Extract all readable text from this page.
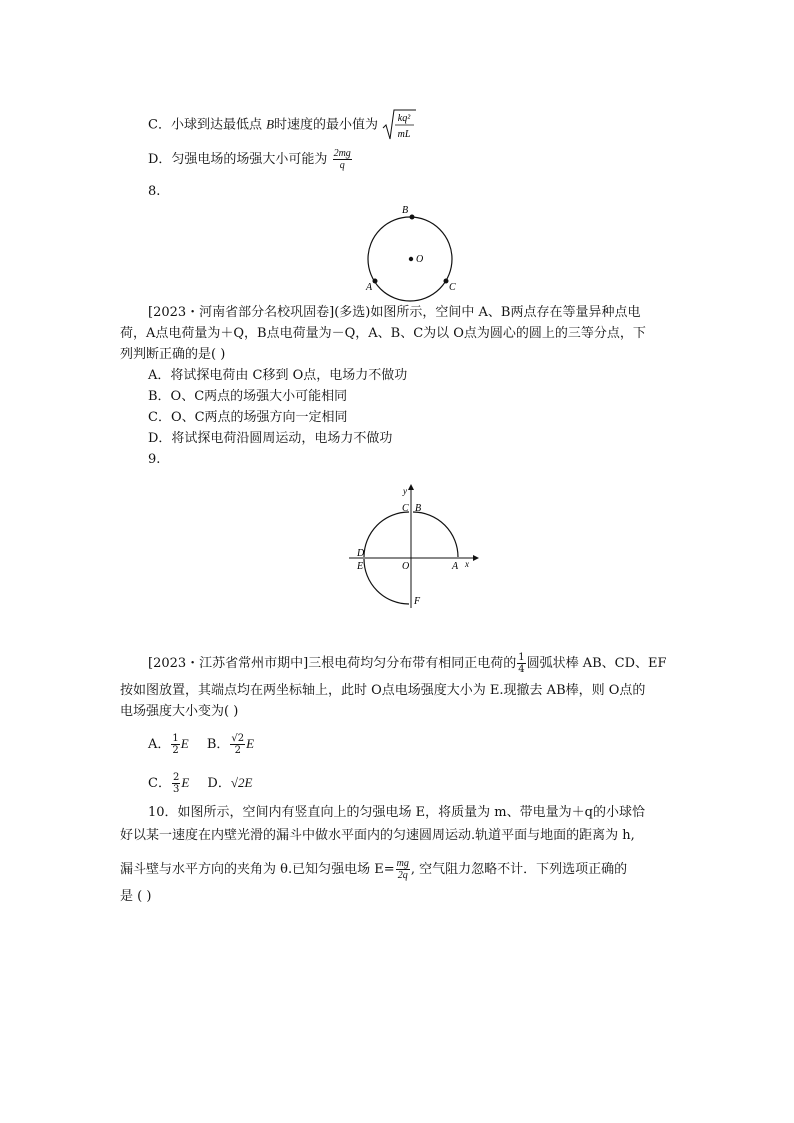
C．小球到达最低点 B时速度的最小值为 kq²
mL
D．匀强电场的场强大小可能为 $\frac{2mg}{q}$
8.
B
O
A	C
[2023・河南省部分名校巩固卷](多选)如图所示，空间中 A、B两点存在等量异种点电
荷，A点电荷量为＋Q，B点电荷量为－Q，A、B、C为以 O点为圆心的圆上的三等分点，下
列判断正确的是( )
A．将试探电荷由 C移到 O点，电场力不做功
B．O、C两点的场强大小可能相同
C．O、C两点的场强方向一定相同
D．将试探电荷沿圆周运动，电场力不做功
9.
y
x
C B
D
E	O	A
F
[2023・江苏省常州市期中]三根电荷均匀分布带有相同正电荷的 $\frac{1}{4}$ 圆弧状棒 AB、CD、EF
按如图放置，其端点均在两坐标轴上，此时 O点电场强度大小为 E.现撤去 AB棒，则 O点的
电场强度大小变为( )
A． $\frac{1}{2}$ E B． $\frac{√2}{2}$ E
C． $\frac{2}{3}$ E D．√2E
10．如图所示，空间内有竖直向上的匀强电场 E，将质量为 m、带电量为＋q的小球恰
好以某一速度在内壁光滑的漏斗中做水平面内的匀速圆周运动.轨道平面与地面的距离为 h,
漏斗壁与水平方向的夹角为 θ.已知匀强电场 $E= \frac{mg}{2q}$ , 空气阻力忽略不计．下列选项正确的
是 ( )
